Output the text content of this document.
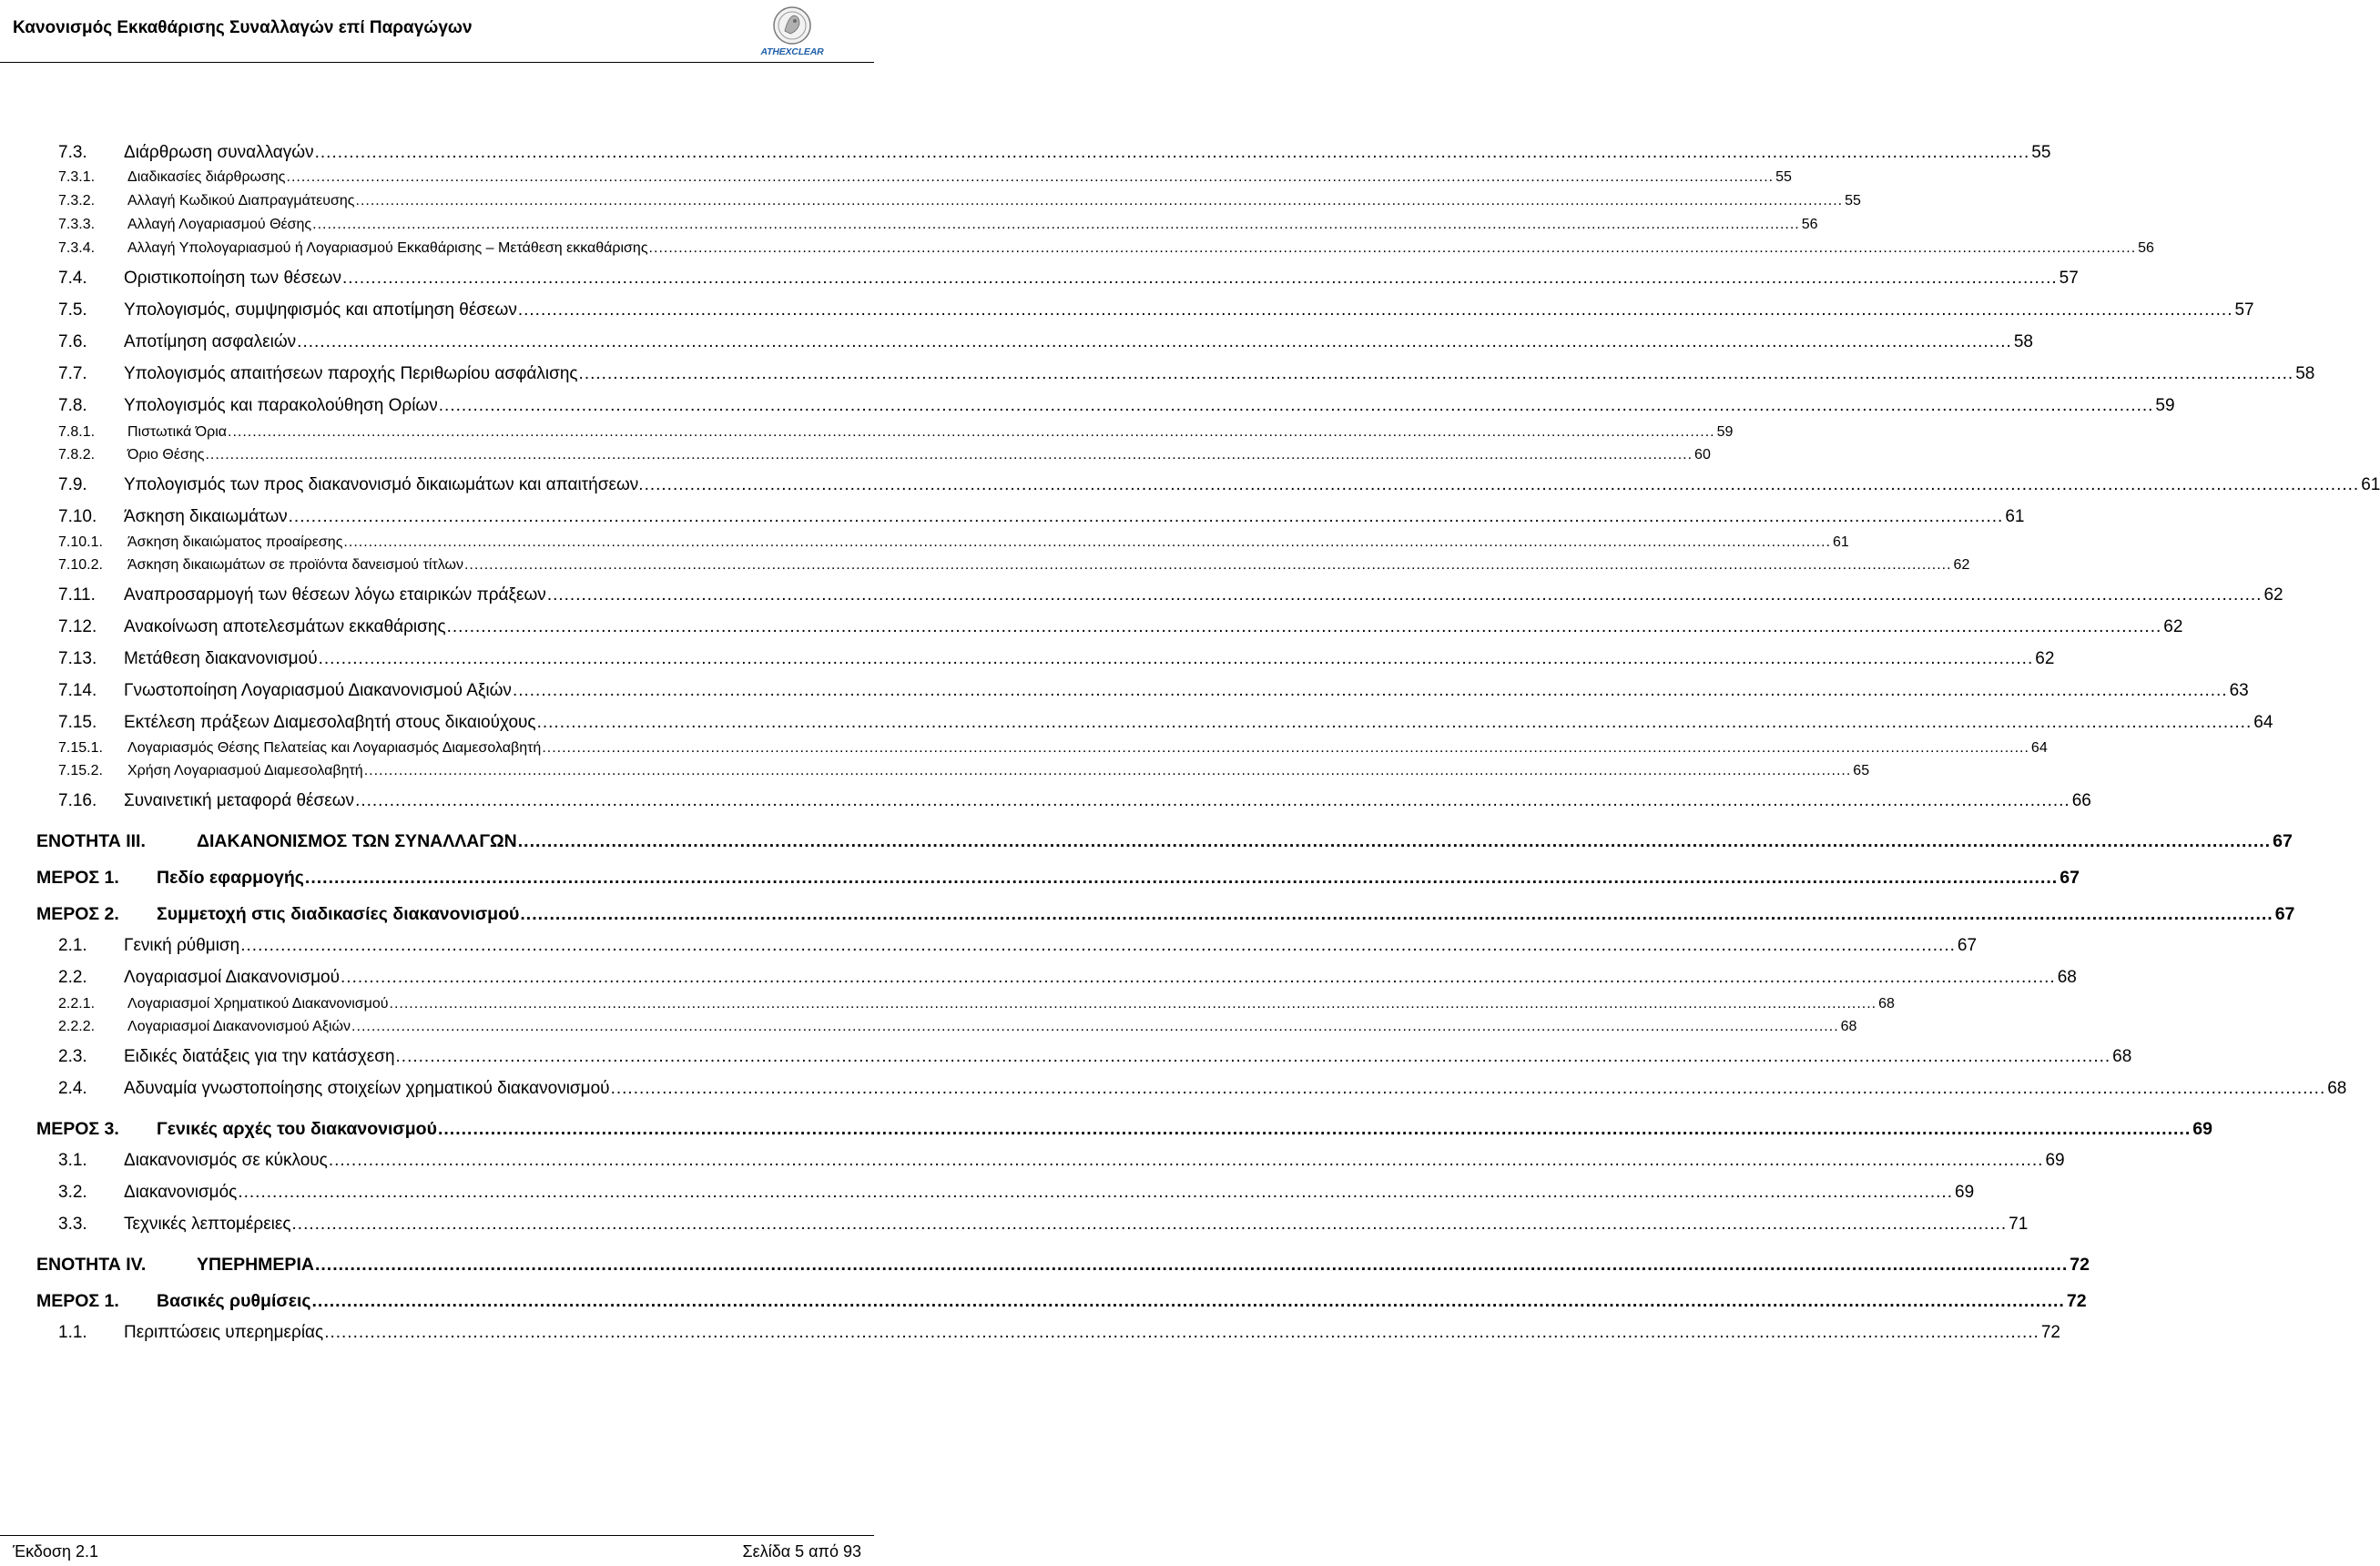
Κανονισμός Εκκαθάρισης Συναλλαγών επί Παραγώγων
ATHEXCLEAR
7.3.	Διάρθρωση συναλλαγών ............................................................................................................................................................................................................................................................................................................ 55
7.3.1.	Διαδικασίες διάρθρωσης ............................................................................................................................................................................................................................................................................................................ 55
7.3.2.	Αλλαγή Κωδικού Διαπραγμάτευσης ............................................................................................................................................................................................................................................................................................................ 55
7.3.3.	Αλλαγή Λογαριασμού Θέσης ............................................................................................................................................................................................................................................................................................................ 56
7.3.4.	Αλλαγή Υπολογαριασμού ή Λογαριασμού Εκκαθάρισης – Μετάθεση εκκαθάρισης ............................................................................................................................................................................................................................................................................................................ 56
7.4.	Οριστικοποίηση των θέσεων ............................................................................................................................................................................................................................................................................................................ 57
7.5.	Υπολογισμός, συμψηφισμός και αποτίμηση θέσεων ............................................................................................................................................................................................................................................................................................................ 57
7.6.	Αποτίμηση ασφαλειών ............................................................................................................................................................................................................................................................................................................ 58
7.7.	Υπολογισμός απαιτήσεων παροχής Περιθωρίου ασφάλισης ............................................................................................................................................................................................................................................................................................................ 58
7.8.	Υπολογισμός και παρακολούθηση Ορίων ............................................................................................................................................................................................................................................................................................................ 59
7.8.1.	Πιστωτικά Όρια ............................................................................................................................................................................................................................................................................................................ 59
7.8.2.	Όριο Θέσης ............................................................................................................................................................................................................................................................................................................ 60
7.9.	Υπολογισμός των προς διακανονισμό δικαιωμάτων και απαιτήσεων. ............................................................................................................................................................................................................................................................................................................ 61
7.10.	Άσκηση δικαιωμάτων ............................................................................................................................................................................................................................................................................................................ 61
7.10.1.	Άσκηση δικαιώματος προαίρεσης ............................................................................................................................................................................................................................................................................................................ 61
7.10.2.	Άσκηση δικαιωμάτων σε προϊόντα δανεισμού τίτλων ............................................................................................................................................................................................................................................................................................................ 62
7.11.	Αναπροσαρμογή των θέσεων λόγω εταιρικών πράξεων ............................................................................................................................................................................................................................................................................................................ 62
7.12.	Ανακοίνωση αποτελεσμάτων εκκαθάρισης ............................................................................................................................................................................................................................................................................................................ 62
7.13.	Μετάθεση διακανονισμού ............................................................................................................................................................................................................................................................................................................ 62
7.14.	Γνωστοποίηση Λογαριασμού Διακανονισμού Αξιών ............................................................................................................................................................................................................................................................................................................ 63
7.15.	Εκτέλεση πράξεων Διαμεσολαβητή στους δικαιούχους ............................................................................................................................................................................................................................................................................................................ 64
7.15.1.	Λογαριασμός Θέσης Πελατείας και Λογαριασμός Διαμεσολαβητή ............................................................................................................................................................................................................................................................................................................ 64
7.15.2.	Χρήση Λογαριασμού Διαμεσολαβητή ............................................................................................................................................................................................................................................................................................................ 65
7.16.	Συναινετική μεταφορά θέσεων ............................................................................................................................................................................................................................................................................................................ 66
ΕΝΟΤΗΤΑ III.	ΔΙΑΚΑΝΟΝΙΣΜΟΣ ΤΩΝ ΣΥΝΑΛΛΑΓΩΝ ............................................................................................................................................................................................................................................................................................................ 67
ΜΕΡΟΣ 1.	Πεδίο εφαρμογής ............................................................................................................................................................................................................................................................................................................ 67
ΜΕΡΟΣ 2.	Συμμετοχή στις διαδικασίες διακανονισμού ............................................................................................................................................................................................................................................................................................................ 67
2.1.	Γενική ρύθμιση ............................................................................................................................................................................................................................................................................................................ 67
2.2.	Λογαριασμοί Διακανονισμού ............................................................................................................................................................................................................................................................................................................ 68
2.2.1.	Λογαριασμοί Χρηματικού Διακανονισμού ............................................................................................................................................................................................................................................................................................................ 68
2.2.2.	Λογαριασμοί Διακανονισμού Αξιών ............................................................................................................................................................................................................................................................................................................ 68
2.3.	Ειδικές διατάξεις για την κατάσχεση ............................................................................................................................................................................................................................................................................................................ 68
2.4.	Αδυναμία γνωστοποίησης στοιχείων χρηματικού διακανονισμού ............................................................................................................................................................................................................................................................................................................ 68
ΜΕΡΟΣ 3.	Γενικές αρχές του διακανονισμού ............................................................................................................................................................................................................................................................................................................ 69
3.1.	Διακανονισμός σε κύκλους ............................................................................................................................................................................................................................................................................................................ 69
3.2.	Διακανονισμός ............................................................................................................................................................................................................................................................................................................ 69
3.3.	Τεχνικές λεπτομέρειες ............................................................................................................................................................................................................................................................................................................ 71
ΕΝΟΤΗΤΑ IV.	ΥΠΕΡΗΜΕΡΙΑ ............................................................................................................................................................................................................................................................................................................ 72
ΜΕΡΟΣ 1.	Βασικές ρυθμίσεις ............................................................................................................................................................................................................................................................................................................ 72
1.1.	Περιπτώσεις υπερημερίας ............................................................................................................................................................................................................................................................................................................ 72
Έκδοση 2.1	Σελίδα 5 από 93
